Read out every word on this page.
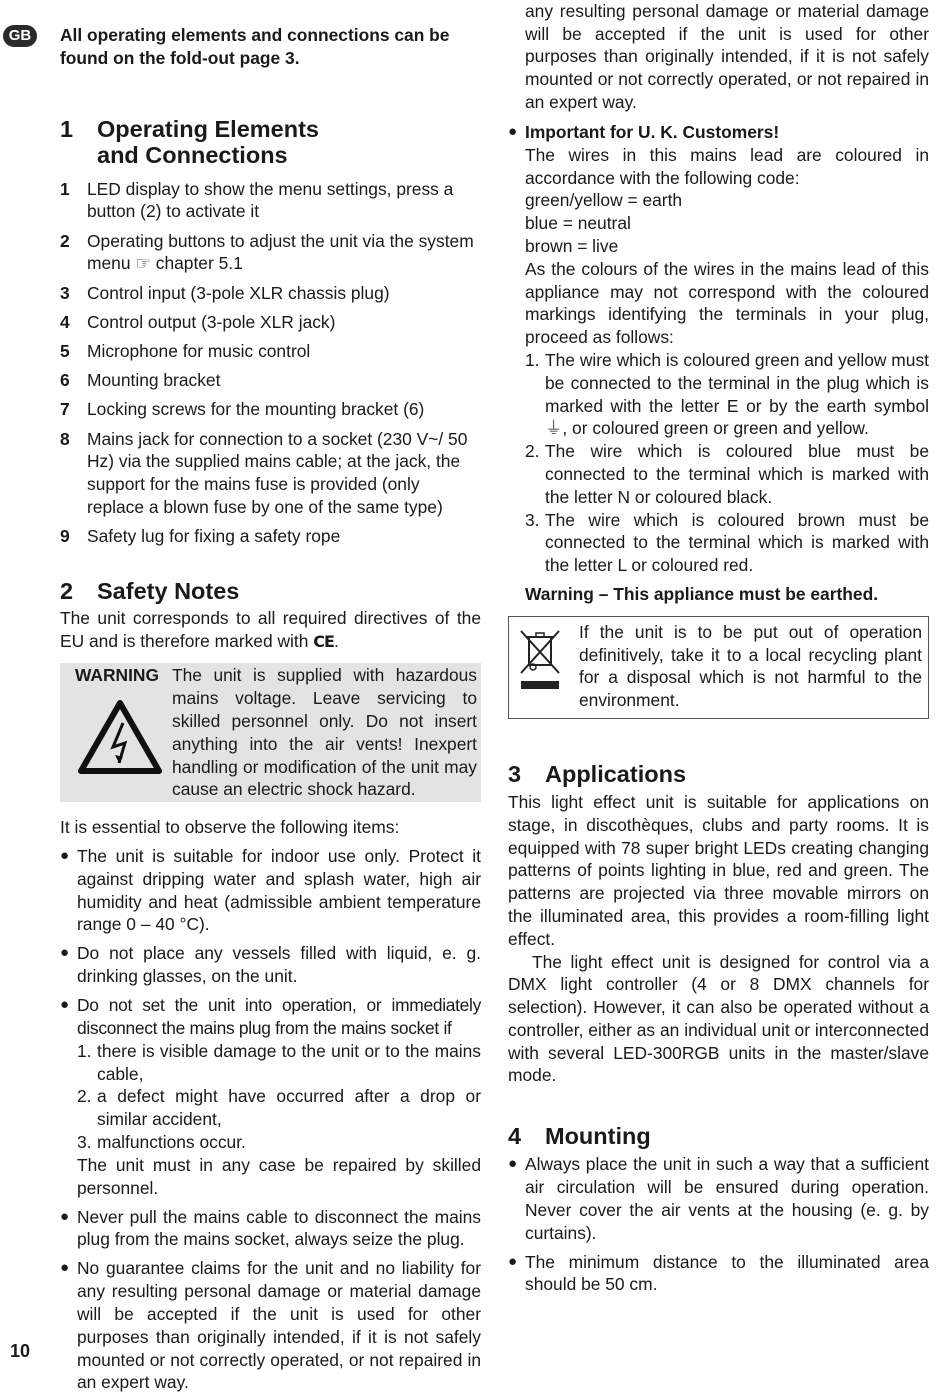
GB
10

All operating elements and connections can be found on the fold-out page 3.

1	Operating Elements
and Connections
1 LED display to show the menu settings, press a button (2) to activate it
2 Operating buttons to adjust the unit via the system menu ☞ chapter 5.1
3 Control input (3-pole XLR chassis plug)
4 Control output (3-pole XLR jack)
5 Microphone for music control
6 Mounting bracket
7 Locking screws for the mounting bracket (6)
8 Mains jack for connection to a socket (230 V~/ 50 Hz) via the supplied mains cable; at the jack, the support for the mains fuse is provided (only replace a blown fuse by one of the same type)
9 Safety lug for fixing a safety rope
2	Safety Notes

The unit corresponds to all required directives of the EU and is therefore marked with CE.

WARNING The unit is supplied with hazardous mains voltage. Leave servicing to skilled personnel only. Do not insert anything into the air vents! Inexpert handling or modification of the unit may cause an electric shock hazard.

It is essential to observe the following items:

● The unit is suitable for indoor use only. Protect it against dripping water and splash water, high air humidity and heat (admissible ambient temperature range 0 – 40 °C).
● Do not place any vessels filled with liquid, e. g. drinking glasses, on the unit.
● Do not set the unit into operation, or immediately disconnect the mains plug from the mains socket if

1. there is visible damage to the unit or to the mains cable,
2. a defect might have occurred after a drop or similar accident,
3. malfunctions occur.

The unit must in any case be repaired by skilled personnel.

● Never pull the mains cable to disconnect the mains plug from the mains socket, always seize the plug.
● No guarantee claims for the unit and no liability for any resulting personal damage or material damage will be accepted if the unit is used for other purposes than originally intended, if it is not safely mounted or not correctly operated, or not repaired in an expert way.
any resulting personal damage or material damage will be accepted if the unit is used for other purposes than originally intended, if it is not safely mounted or not correctly operated, or not repaired in an expert way.
● Important for U. K. Customers!

The wires in this mains lead are coloured in accordance with the following code:

green/yellow = earth

blue = neutral

brown = live

As the colours of the wires in the mains lead of this appliance may not correspond with the coloured markings identifying the terminals in your plug, proceed as follows:

1. The wire which is coloured green and yellow must be connected to the terminal in the plug which is marked with the letter E or by the earth symbol ⏚, or coloured green or green and yellow.
2. The wire which is coloured blue must be connected to the terminal which is marked with the letter N or coloured black.
3. The wire which is coloured brown must be connected to the terminal which is marked with the letter L or coloured red.

Warning – This appliance must be earthed.

If the unit is to be put out of operation definitively, take it to a local recycling plant for a disposal which is not harmful to the environment.

3	Applications

This light effect unit is suitable for applications on stage, in discothèques, clubs and party rooms. It is equipped with 78 super bright LEDs creating changing patterns of points lighting in blue, red and green. The patterns are projected via three movable mirrors on the illuminated area, this provides a room-filling light effect.

The light effect unit is designed for control via a DMX light controller (4 or 8 DMX channels for selection). However, it can also be operated without a controller, either as an individual unit or interconnected with several LED-300RGB units in the master/slave mode.

4	Mounting
● Always place the unit in such a way that a sufficient air circulation will be ensured during operation. Never cover the air vents at the housing (e. g. by curtains).
● The minimum distance to the illuminated area should be 50 cm.
